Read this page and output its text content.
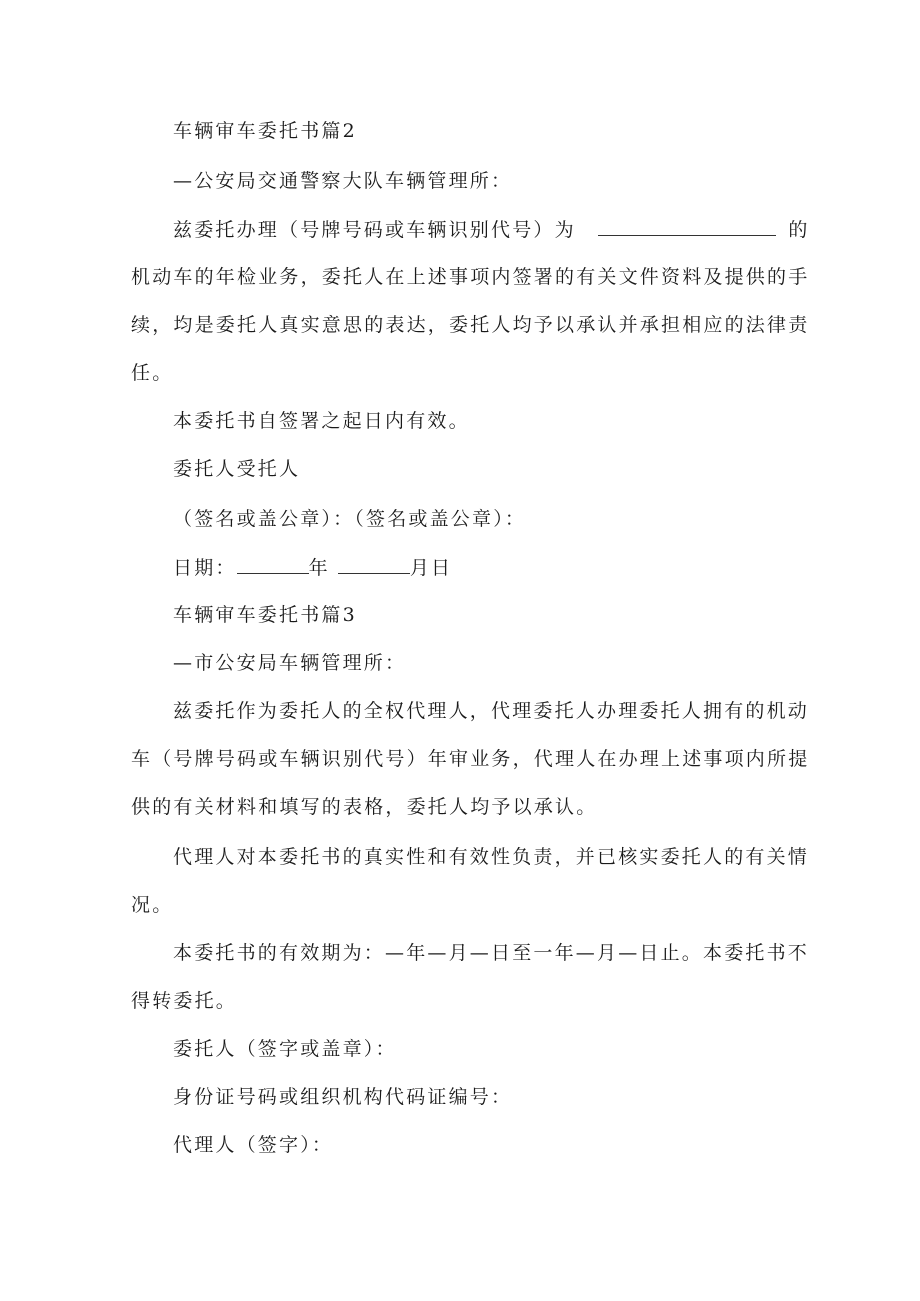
车辆审车委托书篇2
—公安局交通警察大队车辆管理所：
兹委托办理（号牌号码或车辆识别代号）为	的
机动车的年检业务，委托人在上述事项内签署的有关文件资料及提供的手
续，均是委托人真实意思的表达，委托人均予以承认并承担相应的法律责
任。
本委托书自签署之起日内有效。
委托人受托人
（签名或盖公章）：（签名或盖公章）：
日期：	年	月日
车辆审车委托书篇3
—市公安局车辆管理所：
兹委托作为委托人的全权代理人，代理委托人办理委托人拥有的机动
车（号牌号码或车辆识别代号）年审业务，代理人在办理上述事项内所提
供的有关材料和填写的表格，委托人均予以承认。
代理人对本委托书的真实性和有效性负责，并已核实委托人的有关情
况。
本委托书的有效期为：—年—月—日至一年—月—日止。本委托书不
得转委托。
委托人（签字或盖章）：
身份证号码或组织机构代码证编号：
代理人（签字）：
